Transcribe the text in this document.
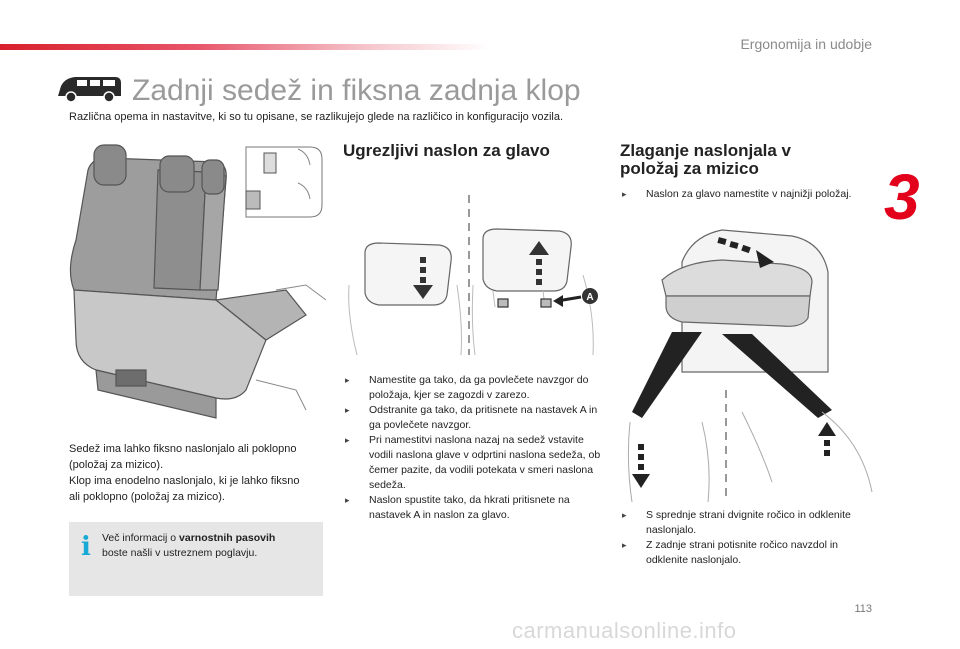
Ergonomija in udobje
3
Zadnji sedež in fiksna zadnja klop
Različna opema in nastavitve, ki so tu opisane, se razlikujejo glede na različico in konfiguracijo vozila.
Sedež ima lahko fiksno naslonjalo ali poklopno
(položaj za mizico).
Klop ima enodelno naslonjalo, ki je lahko fiksno
ali poklopno (položaj za mizico).
i Več informacij o varnostnih pasovih
boste našli v ustreznem poglavju.
Ugrezljivi naslon za glavo
A
▸ Namestite ga tako, da ga povlečete navzgor do položaja, kjer se zagozdi v zarezo.
▸ Odstranite ga tako, da pritisnete na nastavek A in ga povlečete navzgor.
▸ Pri namestitvi naslona nazaj na sedež vstavite vodili naslona glave v odprtini naslona sedeža, ob čemer pazite, da vodili potekata v smeri naslona sedeža.
▸ Naslon spustite tako, da hkrati pritisnete na nastavek A in naslon za glavo.
Zlaganje naslonjala v
položaj za mizico
▸ Naslon za glavo namestite v najnižji položaj.
▸ S sprednje strani dvignite ročico in odklenite naslonjalo.
▸ Z zadnje strani potisnite ročico navzdol in odklenite naslonjalo.
113
carmanualsonline.info
